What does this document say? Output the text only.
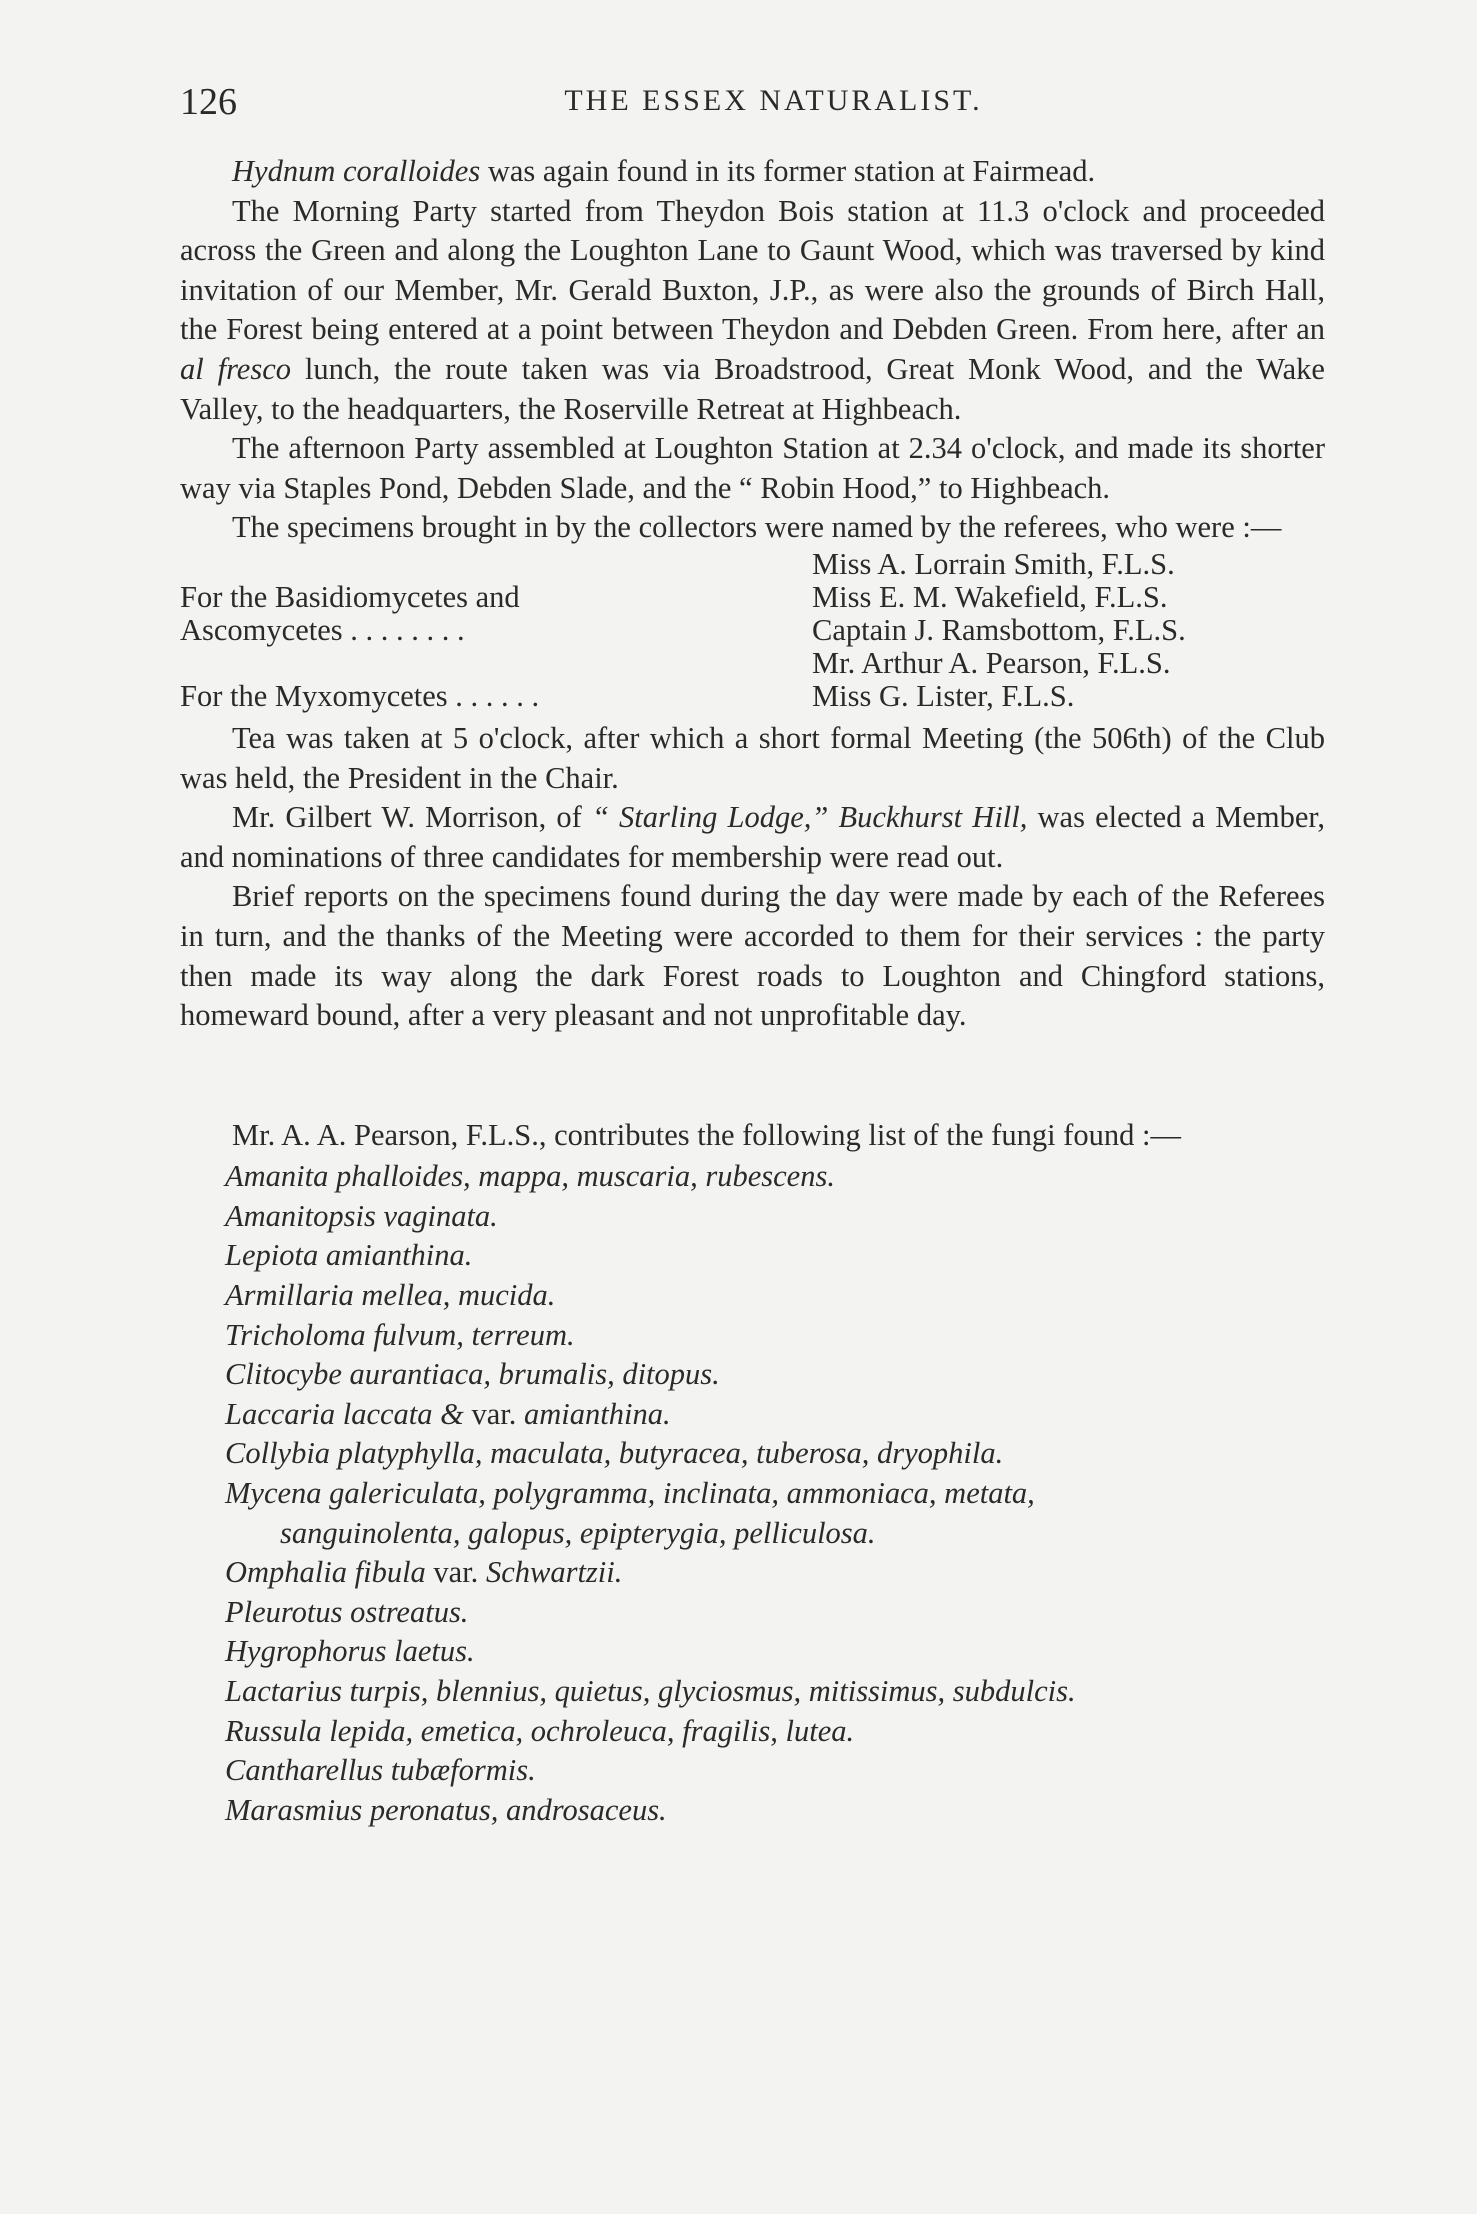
126	THE ESSEX NATURALIST.

Hydnum coralloides was again found in its former station at Fairmead.

The Morning Party started from Theydon Bois station at 11.3 o'clock and proceeded across the Green and along the Loughton Lane to Gaunt Wood, which was traversed by kind invitation of our Member, Mr. Gerald Buxton, J.P., as were also the grounds of Birch Hall, the Forest being entered at a point between Theydon and Debden Green. From here, after an al fresco lunch, the route taken was via Broadstrood, Great Monk Wood, and the Wake Valley, to the headquarters, the Roserville Retreat at Highbeach.

The afternoon Party assembled at Loughton Station at 2.34 o'clock, and made its shorter way via Staples Pond, Debden Slade, and the “ Robin Hood,” to Highbeach.

The specimens brought in by the collectors were named by the referees, who were :—

Miss A. Lorrain Smith, F.L.S.
For the Basidiomycetes and	Miss E. M. Wakefield, F.L.S.
Ascomycetes . . . . . . . .	Captain J. Ramsbottom, F.L.S.
Mr. Arthur A. Pearson, F.L.S.
For the Myxomycetes . . . . . .	Miss G. Lister, F.L.S.

Tea was taken at 5 o'clock, after which a short formal Meeting (the 506th) of the Club was held, the President in the Chair.

Mr. Gilbert W. Morrison, of “ Starling Lodge,” Buckhurst Hill, was elected a Member, and nominations of three candidates for membership were read out.

Brief reports on the specimens found during the day were made by each of the Referees in turn, and the thanks of the Meeting were accorded to them for their services : the party then made its way along the dark Forest roads to Loughton and Chingford stations, homeward bound, after a very pleasant and not unprofitable day.

Mr. A. A. Pearson, F.L.S., contributes the following list of the fungi found :—

Amanita phalloides, mappa, muscaria, rubescens.
Amanitopsis vaginata.
Lepiota amianthina.
Armillaria mellea, mucida.
Tricholoma fulvum, terreum.
Clitocybe aurantiaca, brumalis, ditopus.
Laccaria laccata & var. amianthina.
Collybia platyphylla, maculata, butyracea, tuberosa, dryophila.
Mycena galericulata, polygramma, inclinata, ammoniaca, metata,
sanguinolenta, galopus, epipterygia, pelliculosa.
Omphalia fibula var. Schwartzii.
Pleurotus ostreatus.
Hygrophorus laetus.
Lactarius turpis, blennius, quietus, glyciosmus, mitissimus, subdulcis.
Russula lepida, emetica, ochroleuca, fragilis, lutea.
Cantharellus tubæformis.
Marasmius peronatus, androsaceus.
